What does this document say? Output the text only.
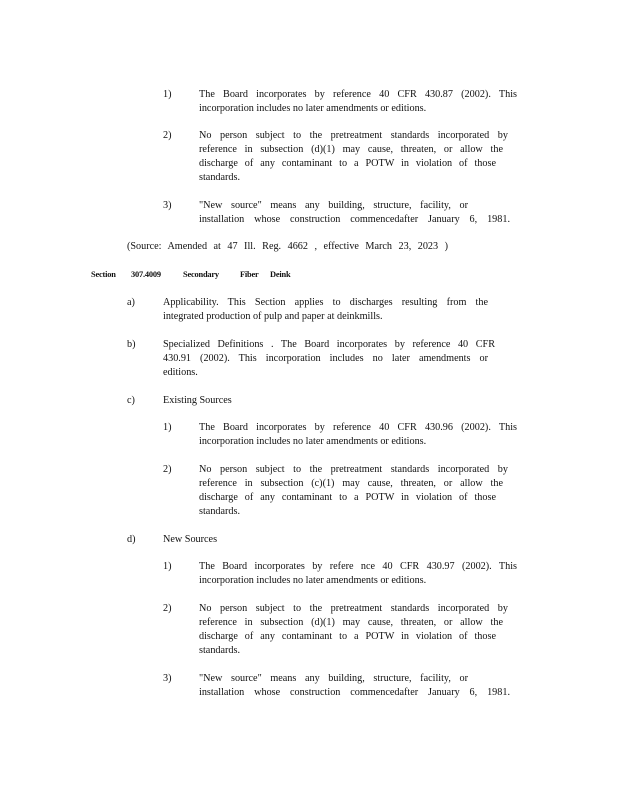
1)	The Board incorporates by reference 40 CFR 430.87 (2002). This
incorporation includes no later amendments or editions.
2)	No person subject to the pretreatment standards incorporated by
reference in subsection (d)(1) may cause, threaten, or allow the
discharge of any contaminant to a POTW in violation of those
standards.
3)	"New source" means any building, structure, facility, or
installation whose construction commencedafter January 6, 1981.
(Source: Amended at 47 Ill. Reg. 4662 , effective March 23, 2023 )
Section 307.4009	Secondary	Fiber Deink
a)	Applicability. This Section applies to discharges resulting from the
integrated production of pulp and paper at deinkmills.
b)	Specialized Definitions . The Board incorporates by reference 40 CFR
430.91 (2002). This incorporation includes no later amendments or
editions.
c)	Existing Sources
1)	The Board incorporates by reference 40 CFR 430.96 (2002). This
incorporation includes no later amendments or editions.
2)	No person subject to the pretreatment standards incorporated by
reference in subsection (c)(1) may cause, threaten, or allow the
discharge of any contaminant to a POTW in violation of those
standards.
d)	New Sources
1)	The Board incorporates by refere nce 40 CFR 430.97 (2002). This
incorporation includes no later amendments or editions.
2)	No person subject to the pretreatment standards incorporated by
reference in subsection (d)(1) may cause, threaten, or allow the
discharge of any contaminant to a POTW in violation of those
standards.
3)	"New source" means any building, structure, facility, or
installation whose construction commencedafter January 6, 1981.
